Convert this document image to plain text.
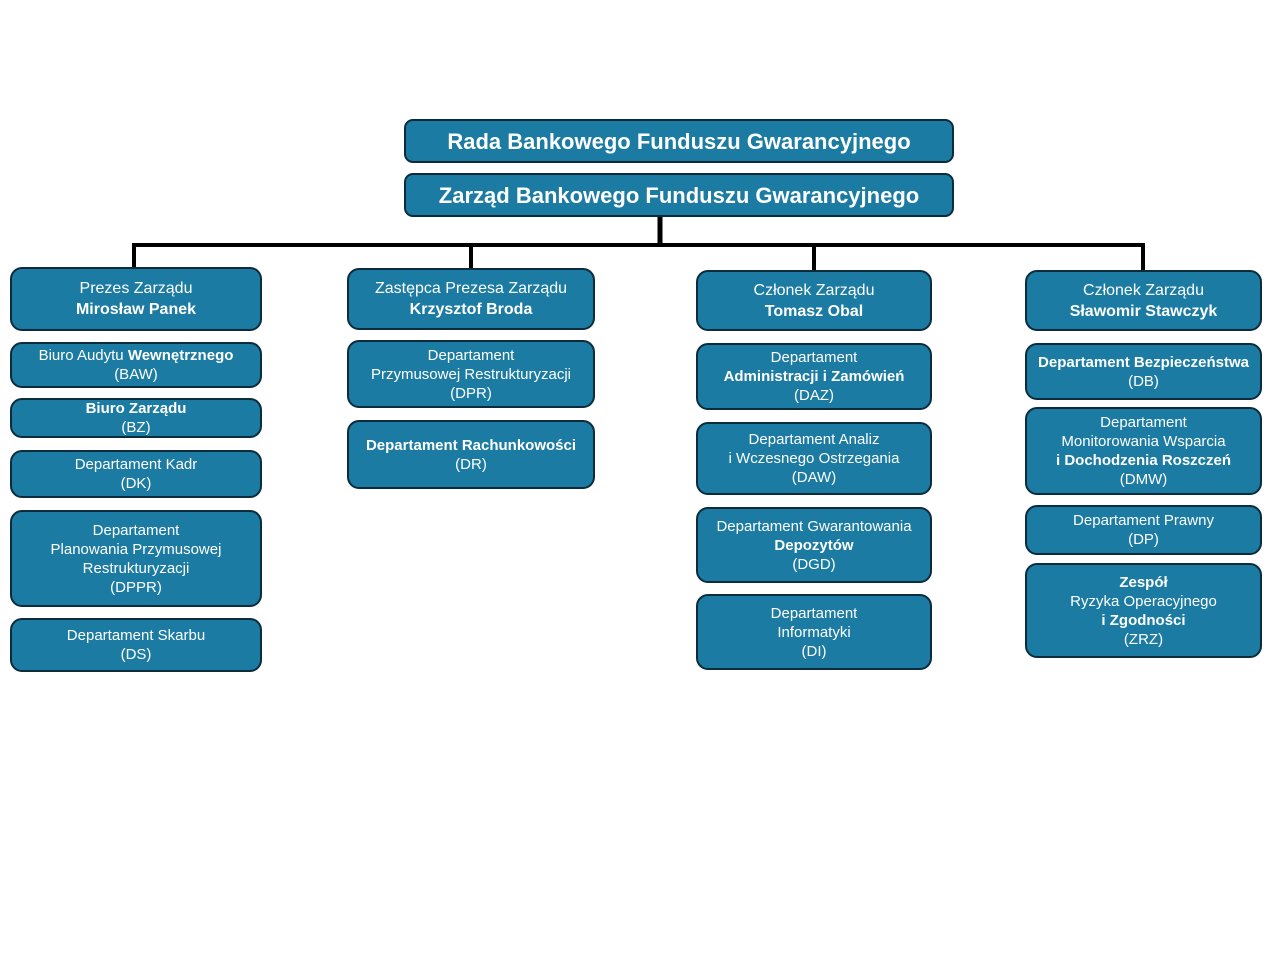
Rada Bankowego Funduszu Gwarancyjnego
Zarząd Bankowego Funduszu Gwarancyjnego
Prezes Zarządu
Mirosław Panek
Biuro Audytu Wewnętrznego
(BAW)
Biuro Zarządu
(BZ)
Departament Kadr
(DK)
Departament
Planowania Przymusowej
Restrukturyzacji
(DPPR)
Departament Skarbu
(DS)
Zastępca Prezesa Zarządu
Krzysztof Broda
Departament
Przymusowej Restrukturyzacji
(DPR)
Departament Rachunkowości
(DR)
Członek Zarządu
Tomasz Obal
Departament
Administracji i Zamówień
(DAZ)
Departament Analiz
i Wczesnego Ostrzegania
(DAW)
Departament Gwarantowania
Depozytów
(DGD)
Departament
Informatyki
(DI)
Członek Zarządu
Sławomir Stawczyk
Departament Bezpieczeństwa
(DB)
Departament
Monitorowania Wsparcia
i Dochodzenia Roszczeń
(DMW)
Departament Prawny
(DP)
Zespół
Ryzyka Operacyjnego
i Zgodności
(ZRZ)
